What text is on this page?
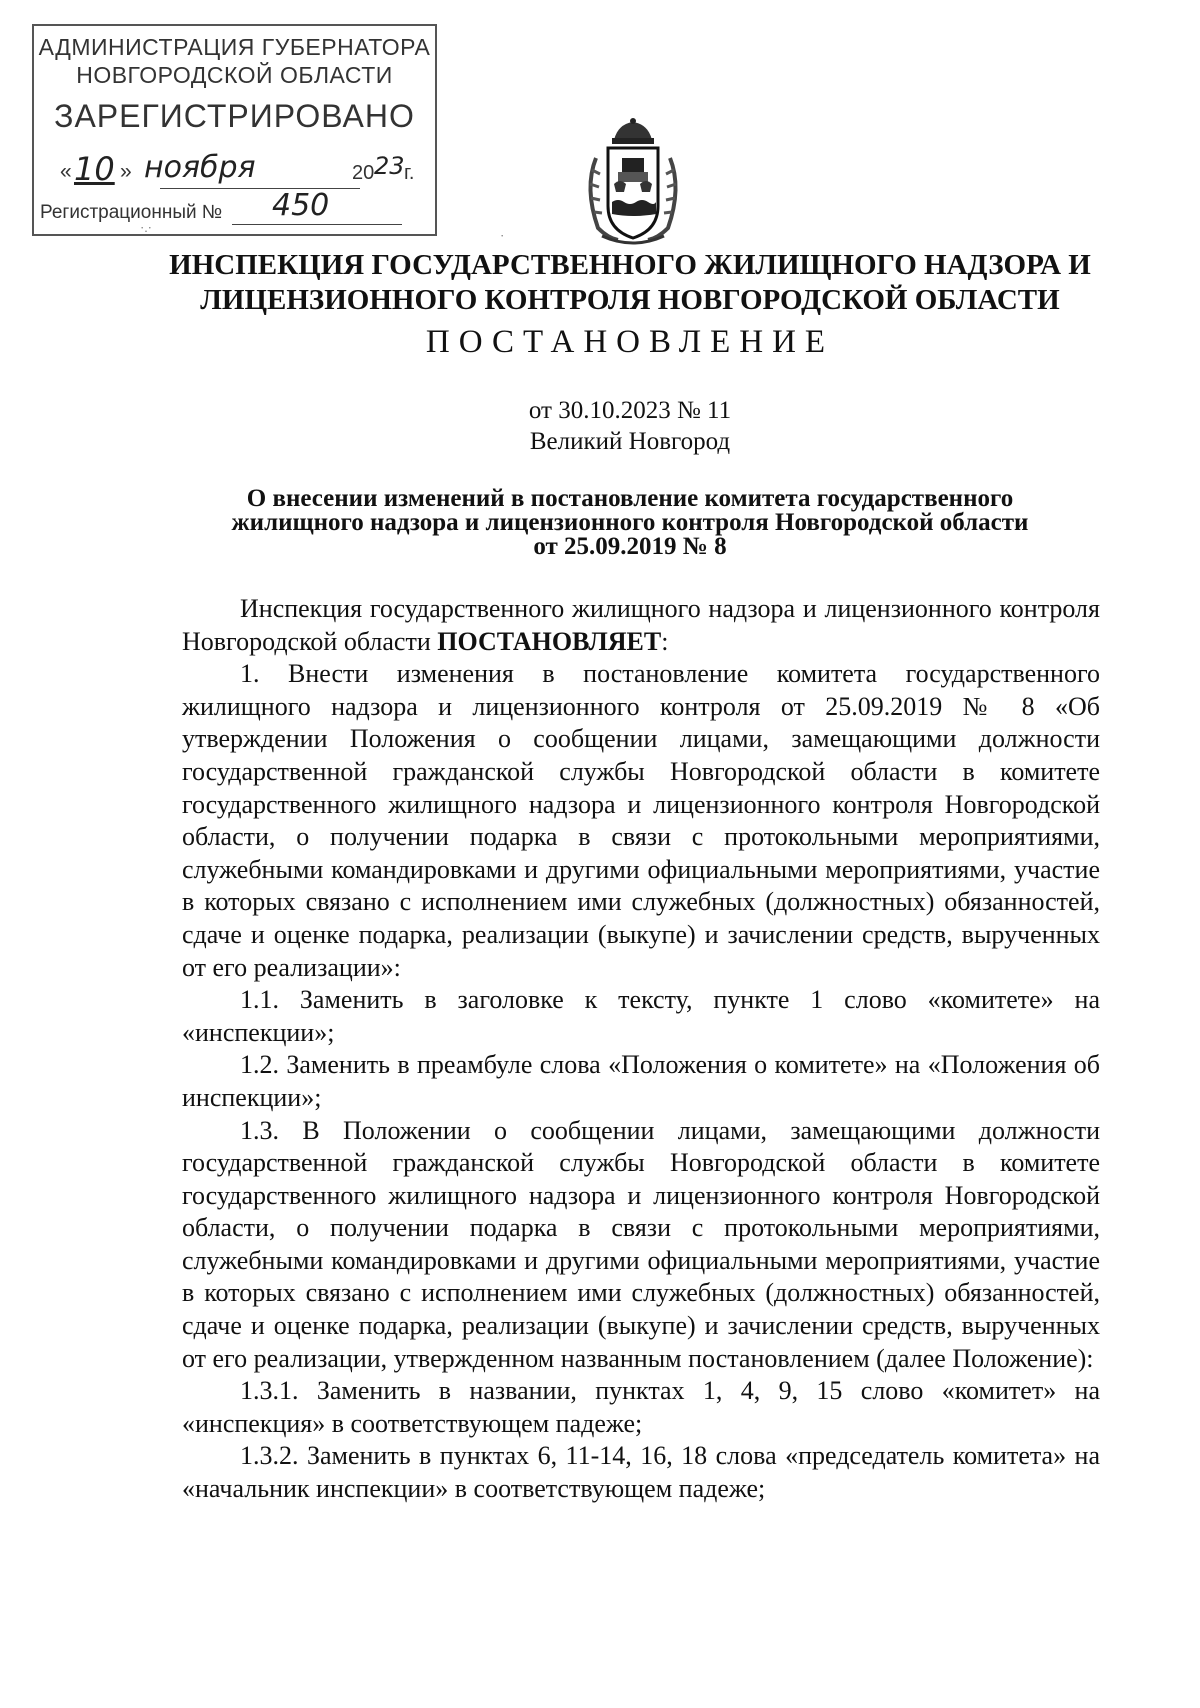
АДМИНИСТРАЦИЯ ГУБЕРНАТОРА
НОВГОРОДСКОЙ ОБЛАСТИ
ЗАРЕГИСТРИРОВАНО
« 10 » ноября	20 23 г.
Регистрационный № 450
·.·
·
ИНСПЕКЦИЯ ГОСУДАРСТВЕННОГО ЖИЛИЩНОГО НАДЗОРА И
ЛИЦЕНЗИОННОГО КОНТРОЛЯ НОВГОРОДСКОЙ ОБЛАСТИ
ПОСТАНОВЛЕНИЕ
от 30.10.2023 № 11
Великий Новгород
О внесении изменений в постановление комитета государственного
жилищного надзора и лицензионного контроля Новгородской области
от 25.09.2019 № 8

Инспекция государственного жилищного надзора и лицензионного контроля Новгородской области ПОСТАНОВЛЯЕТ:

1. Внести изменения в постановление комитета государственного жилищного надзора и лицензионного контроля от 25.09.2019 № 8 «Об утверждении Положения о сообщении лицами, замещающими должности государственной гражданской службы Новгородской области в комитете государственного жилищного надзора и лицензионного контроля Новгородской области, о получении подарка в связи с протокольными мероприятиями, служебными командировками и другими официальными мероприятиями, участие в которых связано с исполнением ими служебных (должностных) обязанностей, сдаче и оценке подарка, реализации (выкупе) и зачислении средств, вырученных от его реализации»:

1.1. Заменить в заголовке к тексту, пункте 1 слово «комитете» на «инспекции»;

1.2. Заменить в преамбуле слова «Положения о комитете» на «Положения об инспекции»;

1.3. В Положении о сообщении лицами, замещающими должности государственной гражданской службы Новгородской области в комитете государственного жилищного надзора и лицензионного контроля Новгородской области, о получении подарка в связи с протокольными мероприятиями, служебными командировками и другими официальными мероприятиями, участие в которых связано с исполнением ими служебных (должностных) обязанностей, сдаче и оценке подарка, реализации (выкупе) и зачислении средств, вырученных от его реализации, утвержденном названным постановлением (далее Положение):

1.3.1. Заменить в названии, пунктах 1, 4, 9, 15 слово «комитет» на «инспекция» в соответствующем падеже;

1.3.2. Заменить в пунктах 6, 11-14, 16, 18 слова «председатель комитета» на «начальник инспекции» в соответствующем падеже;
